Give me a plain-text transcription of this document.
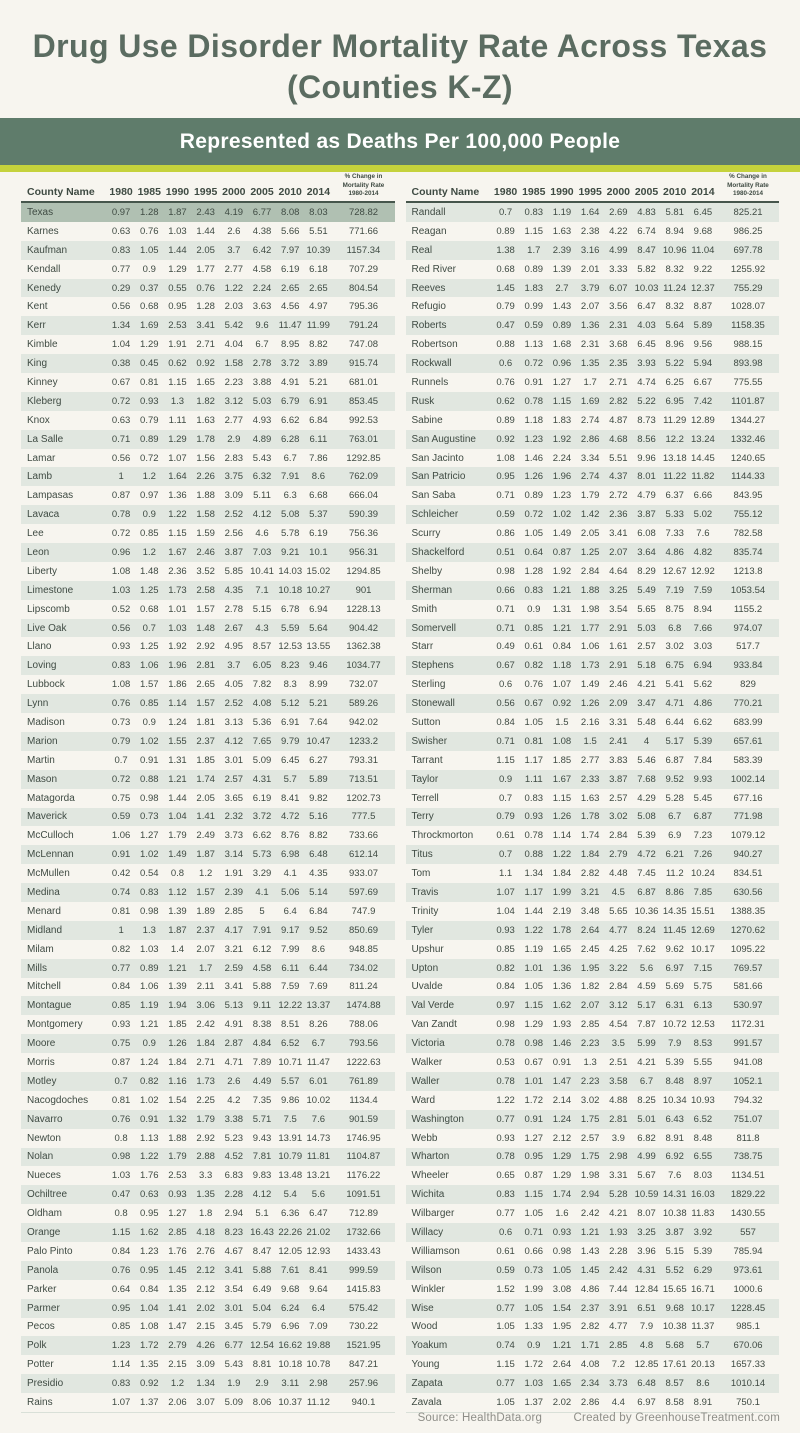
Drug Use Disorder Mortality Rate Across Texas
(Counties K-Z)
Represented as Deaths Per 100,000 People
County Name	1980 1985 1990 1995 2000 2005 2010 2014
% Change in
Mortality Rate
1980-2014
Texas	0.97	1.28	1.87	2.43	4.19	6.77	8.08	8.03	728.82
Karnes	0.63	0.76	1.03	1.44	2.6	4.38	5.66	5.51	771.66
Kaufman	0.83	1.05	1.44	2.05	3.7	6.42	7.97 10.39	1157.34
Kendall	0.77	0.9	1.29	1.77	2.77	4.58	6.19	6.18	707.29
Kenedy	0.29	0.37	0.55	0.76	1.22	2.24	2.65	2.65	804.54
Kent	0.56	0.68	0.95	1.28	2.03	3.63	4.56	4.97	795.36
Kerr	1.34	1.69	2.53	3.41	5.42	9.6	11.47 11.99	791.24
Kimble	1.04	1.29	1.91	2.71	4.04	6.7	8.95	8.82	747.08
King	0.38	0.45	0.62	0.92	1.58	2.78	3.72	3.89	915.74
Kinney	0.67	0.81	1.15	1.65	2.23	3.88	4.91	5.21	681.01
Kleberg	0.72	0.93	1.3	1.82	3.12	5.03	6.79	6.91	853.45
Knox	0.63	0.79	1.11	1.63	2.77	4.93	6.62	6.84	992.53
La Salle	0.71	0.89	1.29	1.78	2.9	4.89	6.28	6.11	763.01
Lamar	0.56	0.72	1.07	1.56	2.83	5.43	6.7	7.86	1292.85
Lamb	1	1.2	1.64	2.26	3.75	6.32	7.91	8.6	762.09
Lampasas	0.87	0.97	1.36	1.88	3.09	5.11	6.3	6.68	666.04
Lavaca	0.78	0.9	1.22	1.58	2.52	4.12	5.08	5.37	590.39
Lee	0.72	0.85	1.15	1.59	2.56	4.6	5.78	6.19	756.36
Leon	0.96	1.2	1.67	2.46	3.87	7.03	9.21	10.1	956.31
Liberty	1.08	1.48	2.36	3.52	5.85 10.41 14.03 15.02	1294.85
Limestone	1.03	1.25	1.73	2.58	4.35	7.1	10.18 10.27	901
Lipscomb	0.52	0.68	1.01	1.57	2.78	5.15	6.78	6.94	1228.13
Live Oak	0.56	0.7	1.03	1.48	2.67	4.3	5.59	5.64	904.42
Llano	0.93	1.25	1.92	2.92	4.95	8.57 12.53 13.55	1362.38
Loving	0.83	1.06	1.96	2.81	3.7	6.05	8.23	9.46	1034.77
Lubbock	1.08	1.57	1.86	2.65	4.05	7.82	8.3	8.99	732.07
Lynn	0.76	0.85	1.14	1.57	2.52	4.08	5.12	5.21	589.26
Madison	0.73	0.9	1.24	1.81	3.13	5.36	6.91	7.64	942.02
Marion	0.79	1.02	1.55	2.37	4.12	7.65	9.79 10.47	1233.2
Martin	0.7	0.91	1.31	1.85	3.01	5.09	6.45	6.27	793.31
Mason	0.72	0.88	1.21	1.74	2.57	4.31	5.7	5.89	713.51
Matagorda	0.75	0.98	1.44	2.05	3.65	6.19	8.41	9.82	1202.73
Maverick	0.59	0.73	1.04	1.41	2.32	3.72	4.72	5.16	777.5
McCulloch	1.06	1.27	1.79	2.49	3.73	6.62	8.76	8.82	733.66
McLennan	0.91	1.02	1.49	1.87	3.14	5.73	6.98	6.48	612.14
McMullen	0.42	0.54	0.8	1.2	1.91	3.29	4.1	4.35	933.07
Medina	0.74	0.83	1.12	1.57	2.39	4.1	5.06	5.14	597.69
Menard	0.81	0.98	1.39	1.89	2.85	5	6.4	6.84	747.9
Midland	1	1.3	1.87	2.37	4.17	7.91	9.17	9.52	850.69
Milam	0.82	1.03	1.4	2.07	3.21	6.12	7.99	8.6	948.85
Mills	0.77	0.89	1.21	1.7	2.59	4.58	6.11	6.44	734.02
Mitchell	0.84	1.06	1.39	2.11	3.41	5.88	7.59	7.69	811.24
Montague	0.85	1.19	1.94	3.06	5.13	9.11 12.22 13.37	1474.88
Montgomery	0.93	1.21	1.85	2.42	4.91	8.38	8.51	8.26	788.06
Moore	0.75	0.9	1.26	1.84	2.87	4.84	6.52	6.7	793.56
Morris	0.87	1.24	1.84	2.71	4.71	7.89 10.71 11.47	1222.63
Motley	0.7	0.82	1.16	1.73	2.6	4.49	5.57	6.01	761.89
Nacogdoches	0.81	1.02	1.54	2.25	4.2	7.35	9.86 10.02	1134.4
Navarro	0.76	0.91	1.32	1.79	3.38	5.71	7.5	7.6	901.59
Newton	0.8	1.13	1.88	2.92	5.23	9.43 13.91 14.73	1746.95
Nolan	0.98	1.22	1.79	2.88	4.52	7.81 10.79 11.81	1104.87
Nueces	1.03	1.76	2.53	3.3	6.83	9.83 13.48 13.21	1176.22
Ochiltree	0.47	0.63	0.93	1.35	2.28	4.12	5.4	5.6	1091.51
Oldham	0.8	0.95	1.27	1.8	2.94	5.1	6.36	6.47	712.89
Orange	1.15	1.62	2.85	4.18	8.23 16.43 22.26 21.02	1732.66
Palo Pinto	0.84	1.23	1.76	2.76	4.67	8.47 12.05 12.93	1433.43
Panola	0.76	0.95	1.45	2.12	3.41	5.88	7.61	8.41	999.59
Parker	0.64	0.84	1.35	2.12	3.54	6.49	9.68	9.64	1415.83
Parmer	0.95	1.04	1.41	2.02	3.01	5.04	6.24	6.4	575.42
Pecos	0.85	1.08	1.47	2.15	3.45	5.79	6.96	7.09	730.22
Polk	1.23	1.72	2.79	4.26	6.77 12.54 16.62 19.88	1521.95
Potter	1.14	1.35	2.15	3.09	5.43	8.81 10.18 10.78	847.21
Presidio	0.83	0.92	1.2	1.34	1.9	2.9	3.11	2.98	257.96
Rains	1.07	1.37	2.06	3.07	5.09	8.06 10.37 11.12	940.1
County Name	1980 1985 1990 1995 2000 2005 2010 2014
% Change in
Mortality Rate
1980-2014
Randall	0.7	0.83	1.19	1.64	2.69	4.83	5.81	6.45	825.21
Reagan	0.89	1.15	1.63	2.38	4.22	6.74	8.94	9.68	986.25
Real	1.38	1.7	2.39	3.16	4.99	8.47 10.96 11.04	697.78
Red River	0.68	0.89	1.39	2.01	3.33	5.82	8.32	9.22	1255.92
Reeves	1.45	1.83	2.7	3.79	6.07 10.03 11.24 12.37	755.29
Refugio	0.79	0.99	1.43	2.07	3.56	6.47	8.32	8.87	1028.07
Roberts	0.47	0.59	0.89	1.36	2.31	4.03	5.64	5.89	1158.35
Robertson	0.88	1.13	1.68	2.31	3.68	6.45	8.96	9.56	988.15
Rockwall	0.6	0.72	0.96	1.35	2.35	3.93	5.22	5.94	893.98
Runnels	0.76	0.91	1.27	1.7	2.71	4.74	6.25	6.67	775.55
Rusk	0.62	0.78	1.15	1.69	2.82	5.22	6.95	7.42	1101.87
Sabine	0.89	1.18	1.83	2.74	4.87	8.73 11.29 12.89	1344.27
San Augustine	0.92	1.23	1.92	2.86	4.68	8.56	12.2 13.24	1332.46
San Jacinto	1.08	1.46	2.24	3.34	5.51	9.96 13.18 14.45	1240.65
San Patricio	0.95	1.26	1.96	2.74	4.37	8.01 11.22 11.82	1144.33
San Saba	0.71	0.89	1.23	1.79	2.72	4.79	6.37	6.66	843.95
Schleicher	0.59	0.72	1.02	1.42	2.36	3.87	5.33	5.02	755.12
Scurry	0.86	1.05	1.49	2.05	3.41	6.08	7.33	7.6	782.58
Shackelford	0.51	0.64	0.87	1.25	2.07	3.64	4.86	4.82	835.74
Shelby	0.98	1.28	1.92	2.84	4.64	8.29 12.67 12.92	1213.8
Sherman	0.66	0.83	1.21	1.88	3.25	5.49	7.19	7.59	1053.54
Smith	0.71	0.9	1.31	1.98	3.54	5.65	8.75	8.94	1155.2
Somervell	0.71	0.85	1.21	1.77	2.91	5.03	6.8	7.66	974.07
Starr	0.49	0.61	0.84	1.06	1.61	2.57	3.02	3.03	517.7
Stephens	0.67	0.82	1.18	1.73	2.91	5.18	6.75	6.94	933.84
Sterling	0.6	0.76	1.07	1.49	2.46	4.21	5.41	5.62	829
Stonewall	0.56	0.67	0.92	1.26	2.09	3.47	4.71	4.86	770.21
Sutton	0.84	1.05	1.5	2.16	3.31	5.48	6.44	6.62	683.99
Swisher	0.71	0.81	1.08	1.5	2.41	4	5.17	5.39	657.61
Tarrant	1.15	1.17	1.85	2.77	3.83	5.46	6.87	7.84	583.39
Taylor	0.9	1.11	1.67	2.33	3.87	7.68	9.52	9.93	1002.14
Terrell	0.7	0.83	1.15	1.63	2.57	4.29	5.28	5.45	677.16
Terry	0.79	0.93	1.26	1.78	3.02	5.08	6.7	6.87	771.98
Throckmorton	0.61	0.78	1.14	1.74	2.84	5.39	6.9	7.23	1079.12
Titus	0.7	0.88	1.22	1.84	2.79	4.72	6.21	7.26	940.27
Tom	1.1	1.34	1.84	2.82	4.48	7.45	11.2 10.24	834.51
Travis	1.07	1.17	1.99	3.21	4.5	6.87	8.86	7.85	630.56
Trinity	1.04	1.44	2.19	3.48	5.65 10.36 14.35 15.51	1388.35
Tyler	0.93	1.22	1.78	2.64	4.77	8.24 11.45 12.69	1270.62
Upshur	0.85	1.19	1.65	2.45	4.25	7.62	9.62 10.17	1095.22
Upton	0.82	1.01	1.36	1.95	3.22	5.6	6.97	7.15	769.57
Uvalde	0.84	1.05	1.36	1.82	2.84	4.59	5.69	5.75	581.66
Val Verde	0.97	1.15	1.62	2.07	3.12	5.17	6.31	6.13	530.97
Van Zandt	0.98	1.29	1.93	2.85	4.54	7.87 10.72 12.53	1172.31
Victoria	0.78	0.98	1.46	2.23	3.5	5.99	7.9	8.53	991.57
Walker	0.53	0.67	0.91	1.3	2.51	4.21	5.39	5.55	941.08
Waller	0.78	1.01	1.47	2.23	3.58	6.7	8.48	8.97	1052.1
Ward	1.22	1.72	2.14	3.02	4.88	8.25 10.34 10.93	794.32
Washington	0.77	0.91	1.24	1.75	2.81	5.01	6.43	6.52	751.07
Webb	0.93	1.27	2.12	2.57	3.9	6.82	8.91	8.48	811.8
Wharton	0.78	0.95	1.29	1.75	2.98	4.99	6.92	6.55	738.75
Wheeler	0.65	0.87	1.29	1.98	3.31	5.67	7.6	8.03	1134.51
Wichita	0.83	1.15	1.74	2.94	5.28 10.59 14.31 16.03	1829.22
Wilbarger	0.77	1.05	1.6	2.42	4.21	8.07 10.38 11.83	1430.55
Willacy	0.6	0.71	0.93	1.21	1.93	3.25	3.87	3.92	557
Williamson	0.61	0.66	0.98	1.43	2.28	3.96	5.15	5.39	785.94
Wilson	0.59	0.73	1.05	1.45	2.42	4.31	5.52	6.29	973.61
Winkler	1.52	1.99	3.08	4.86	7.44 12.84 15.65 16.71	1000.6
Wise	0.77	1.05	1.54	2.37	3.91	6.51	9.68 10.17	1228.45
Wood	1.05	1.33	1.95	2.82	4.77	7.9	10.38 11.37	985.1
Yoakum	0.74	0.9	1.21	1.71	2.85	4.8	5.68	5.7	670.06
Young	1.15	1.72	2.64	4.08	7.2	12.85 17.61 20.13	1657.33
Zapata	0.77	1.03	1.65	2.34	3.73	6.48	8.57	8.6	1010.14
Zavala	1.05	1.37	2.02	2.86	4.4	6.97	8.58	8.91	750.1
Source: HealthData.org	Created by GreenhouseTreatment.com
